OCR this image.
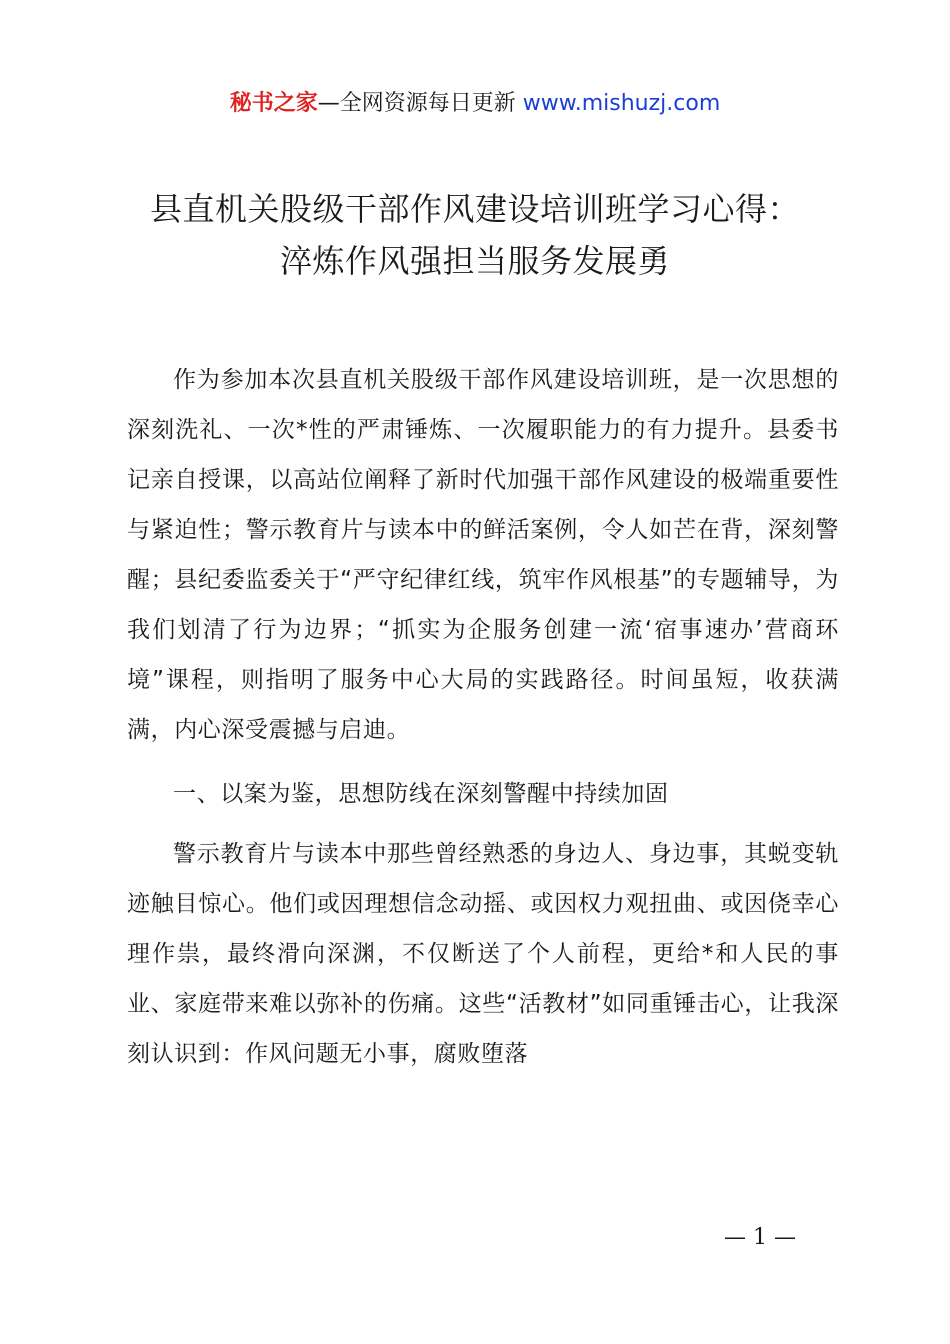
秘书之家—全网资源每日更新 www.mishuzj.com
县直机关股级干部作风建设培训班学习心得：
淬炼作风强担当服务发展勇

作为参加本次县直机关股级干部作风建设培训班，是一次思想的深刻洗礼、一次*性的严肃锤炼、一次履职能力的有力提升。县委书记亲自授课，以高站位阐释了新时代加强干部作风建设的极端重要性与紧迫性；警示教育片与读本中的鲜活案例，令人如芒在背，深刻警醒；县纪委监委关于“严守纪律红线，筑牢作风根基”的专题辅导，为我们划清了行为边界；“抓实为企服务创建一流‘宿事速办’营商环境”课程，则指明了服务中心大局的实践路径。时间虽短，收获满满，内心深受震撼与启迪。

一、以案为鉴，思想防线在深刻警醒中持续加固

警示教育片与读本中那些曾经熟悉的身边人、身边事，其蜕变轨迹触目惊心。他们或因理想信念动摇、或因权力观扭曲、或因侥幸心理作祟，最终滑向深渊，不仅断送了个人前程，更给*和人民的事业、家庭带来难以弥补的伤痛。这些“活教材”如同重锤击心，让我深刻认识到：作风问题无小事，腐败堕落

— 1 —
